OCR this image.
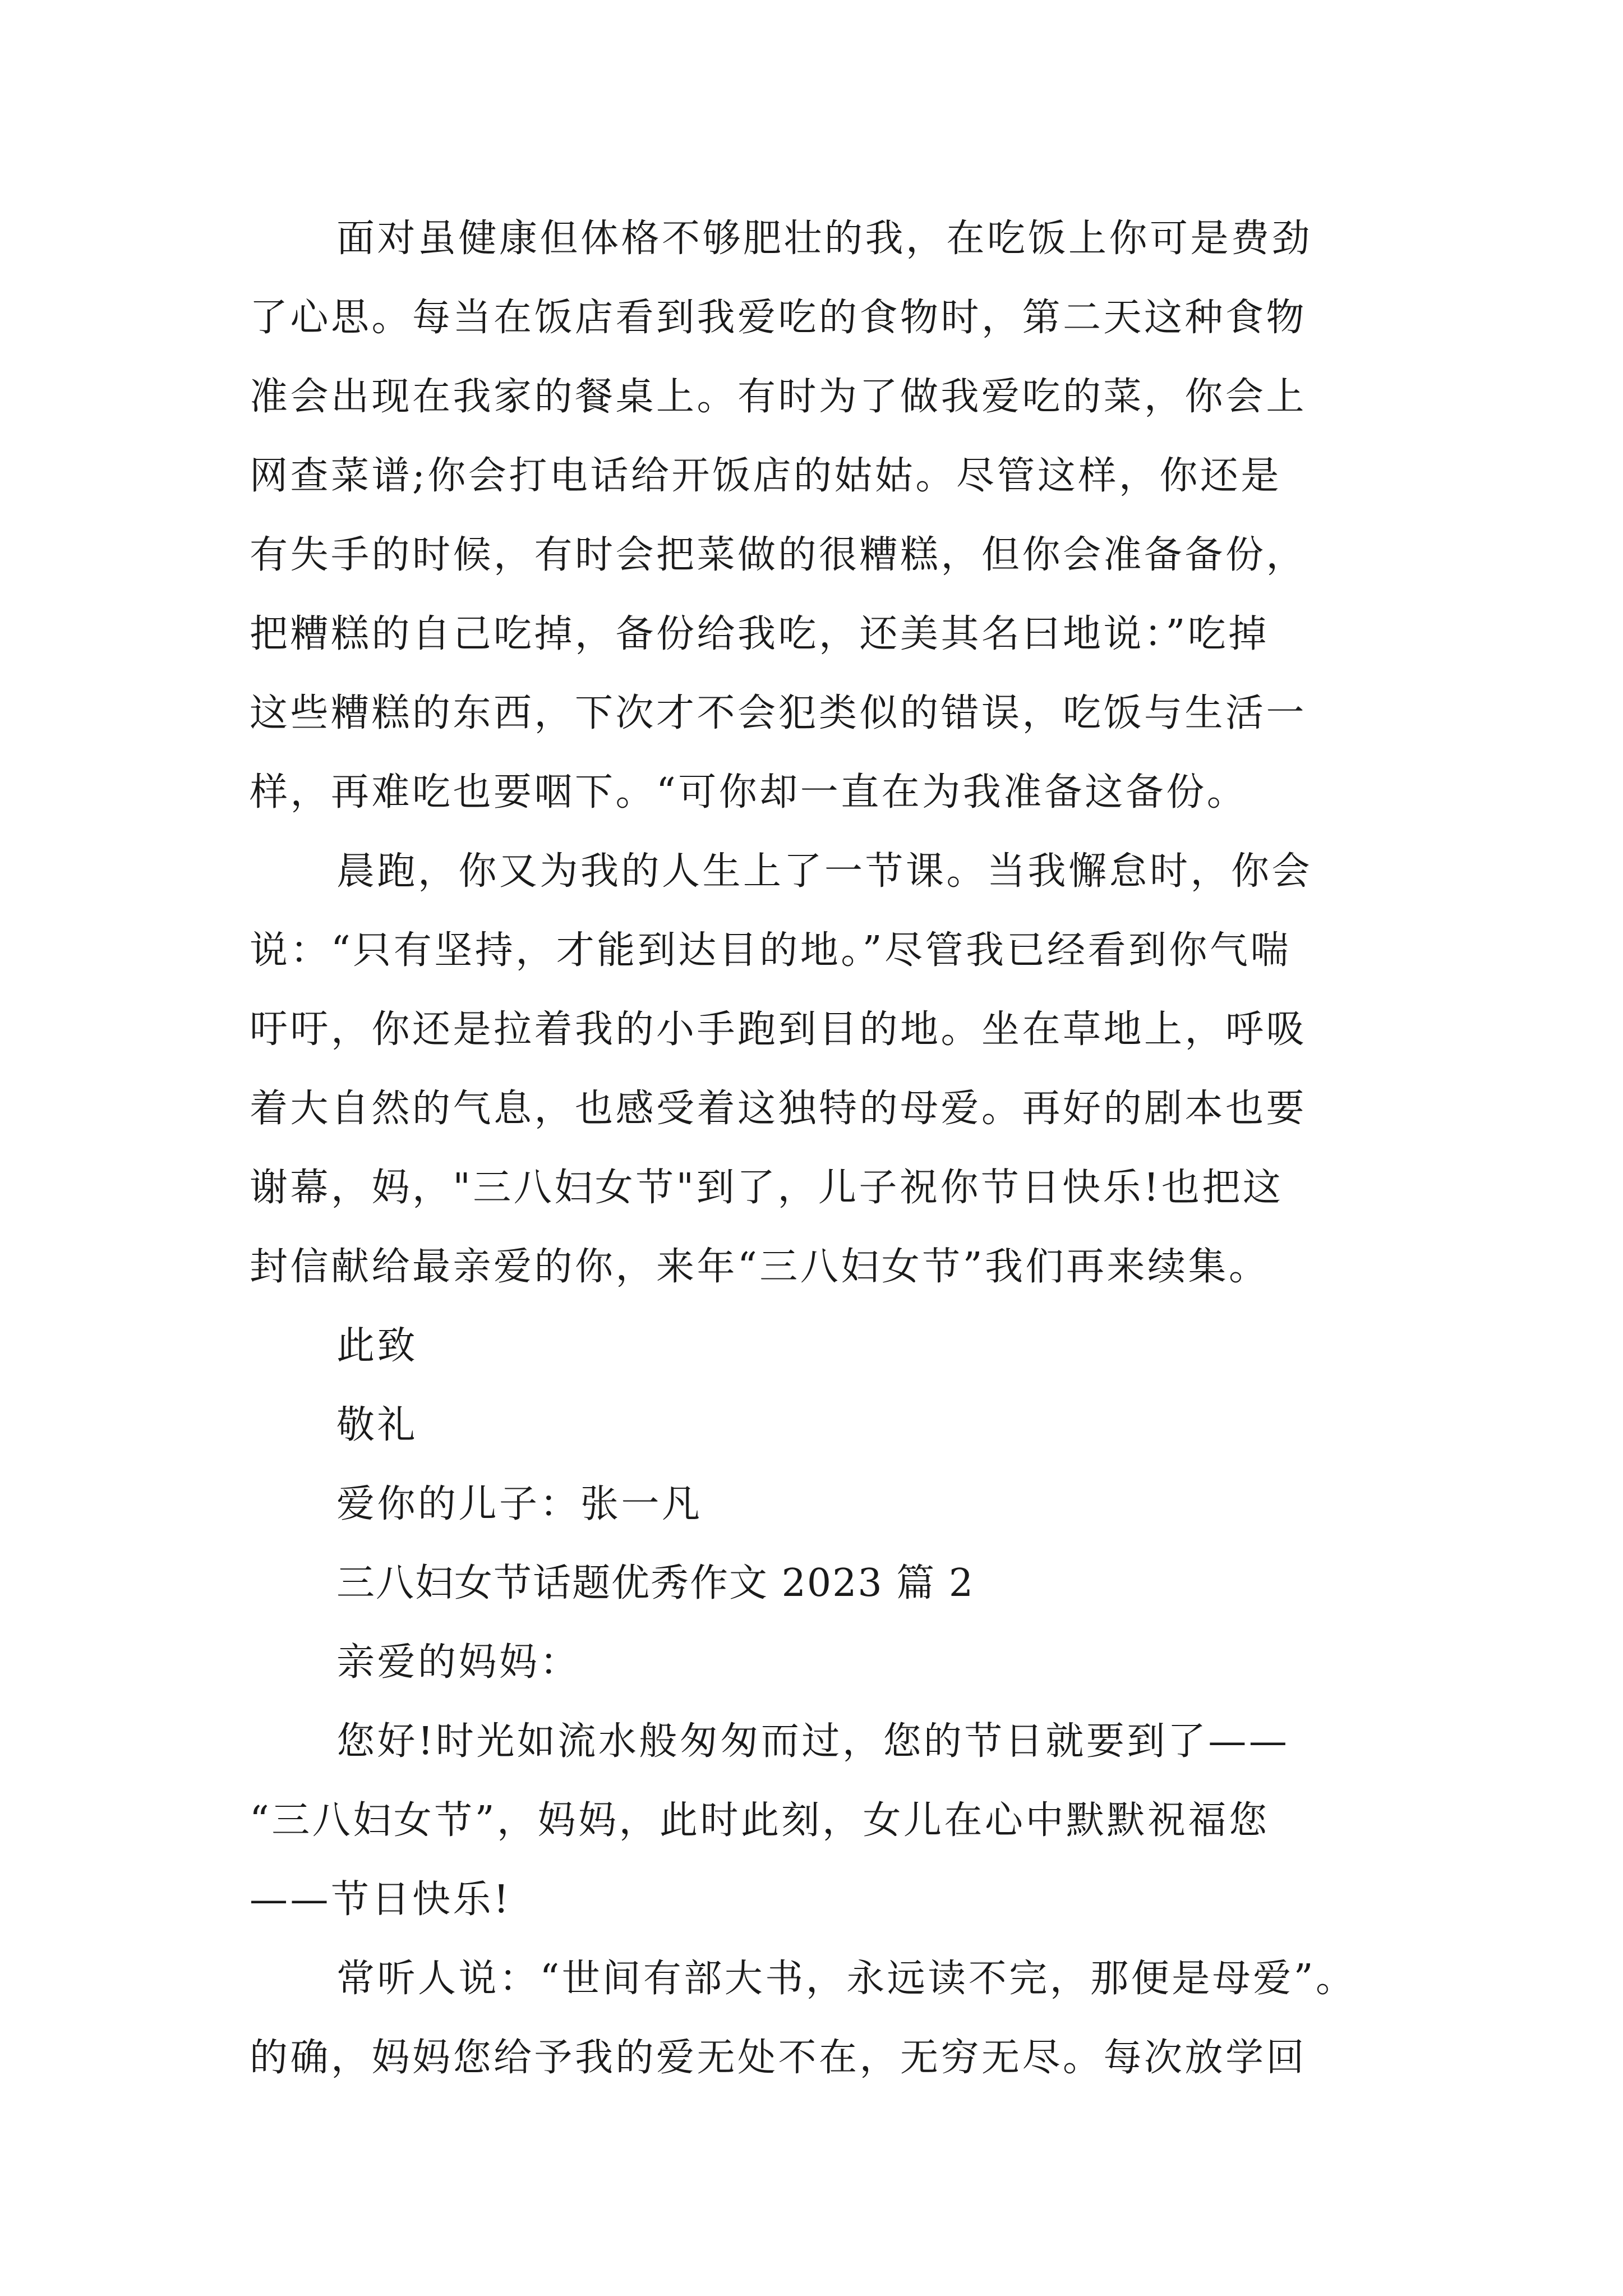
面对虽健康但体格不够肥壮的我，在吃饭上你可是费劲
了心思。每当在饭店看到我爱吃的食物时，第二天这种食物
准会出现在我家的餐桌上。有时为了做我爱吃的菜，你会上
网查菜谱;你会打电话给开饭店的姑姑。尽管这样，你还是
有失手的时候，有时会把菜做的很糟糕，但你会准备备份，
把糟糕的自己吃掉，备份给我吃，还美其名曰地说：”吃掉
这些糟糕的东西，下次才不会犯类似的错误，吃饭与生活一
样，再难吃也要咽下。“可你却一直在为我准备这备份。
晨跑，你又为我的人生上了一节课。当我懈怠时，你会
说：“只有坚持，才能到达目的地。”尽管我已经看到你气喘
吁吁，你还是拉着我的小手跑到目的地。坐在草地上，呼吸
着大自然的气息，也感受着这独特的母爱。再好的剧本也要
谢幕，妈，"三八妇女节"到了，儿子祝你节日快乐!也把这
封信献给最亲爱的你，来年“三八妇女节”我们再来续集。
此致
敬礼
爱你的儿子：张一凡
三八妇女节话题优秀作文 2023 篇 2
亲爱的妈妈：
您好!时光如流水般匆匆而过，您的节日就要到了——
“三八妇女节”，妈妈，此时此刻，女儿在心中默默祝福您
——节日快乐!
常听人说：“世间有部大书，永远读不完，那便是母爱”。
的确，妈妈您给予我的爱无处不在，无穷无尽。每次放学回
